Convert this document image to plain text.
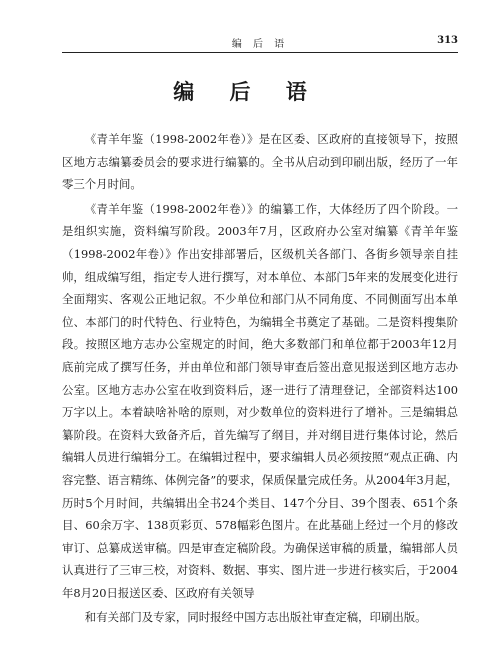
编 后 语	313
编 后 语

《青羊年鉴（1998-2002年卷）》是在区委、区政府的直接领导下，按照区地方志编纂委员会的要求进行编纂的。全书从启动到印刷出版，经历了一年零三个月时间。

《青羊年鉴（1998-2002年卷）》的编纂工作，大体经历了四个阶段。一是组织实施，资料编写阶段。2003年7月，区政府办公室对编纂《青羊年鉴（1998-2002年卷）》作出安排部署后，区级机关各部门、各街乡领导亲自挂帅，组成编写组，指定专人进行撰写，对本单位、本部门5年来的发展变化进行全面翔实、客观公正地记叙。不少单位和部门从不同角度、不同侧面写出本单位、本部门的时代特色、行业特色，为编辑全书奠定了基础。二是资料搜集阶段。按照区地方志办公室规定的时间，绝大多数部门和单位都于2003年12月底前完成了撰写任务，并由单位和部门领导审查后签出意见报送到区地方志办公室。区地方志办公室在收到资料后，逐一进行了清理登记，全部资料达100万字以上。本着缺啥补啥的原则，对少数单位的资料进行了增补。三是编辑总纂阶段。在资料大致备齐后，首先编写了纲目，并对纲目进行集体讨论，然后编辑人员进行编辑分工。在编辑过程中，要求编辑人员必须按照“观点正确、内容完整、语言精练、体例完备”的要求，保质保量完成任务。从2004年3月起，历时5个月时间，共编辑出全书24个类目、147个分目、39个图表、651个条目、60余万字、138页彩页、578幅彩色图片。在此基础上经过一个月的修改审订、总纂成送审稿。四是审查定稿阶段。为确保送审稿的质量，编辑部人员认真进行了三审三校，对资料、数据、事实、图片进一步进行核实后，于2004年8月20日报送区委、区政府有关领导

和有关部门及专家，同时报经中国方志出版社审查定稿，印刷出版。
